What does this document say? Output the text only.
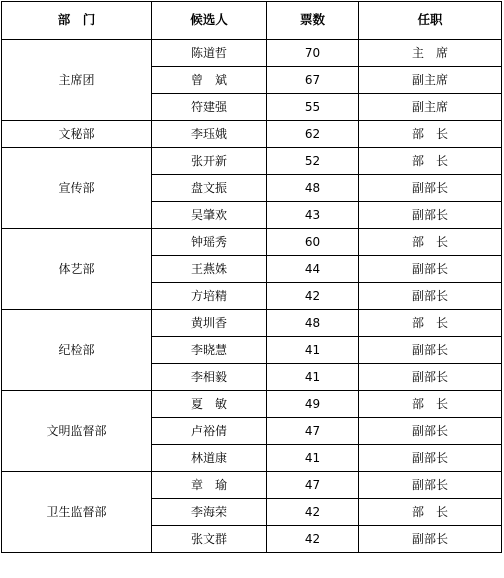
部　门	候选人	票数	任职
主席团	陈道哲	70	主　席
	曾　斌	67	副主席
	符建强	55	副主席
文秘部	李珏娥	62	部　长
宣传部	张开新	52	部　长
	盘文振	48	副部长
	吴肇欢	43	副部长
体艺部	钟瑶秀	60	部　长
	王燕姝	44	副部长
	方培精	42	副部长
纪检部	黄圳香	48	部　长
	李晓慧	41	副部长
	李相毅	41	副部长
文明监督部	夏　敏	49	部　长
	卢裕倩	47	副部长
	林道康	41	副部长
卫生监督部	章　瑜	47	副部长
	李海荣	42	部　长
	张文群	42	副部长
